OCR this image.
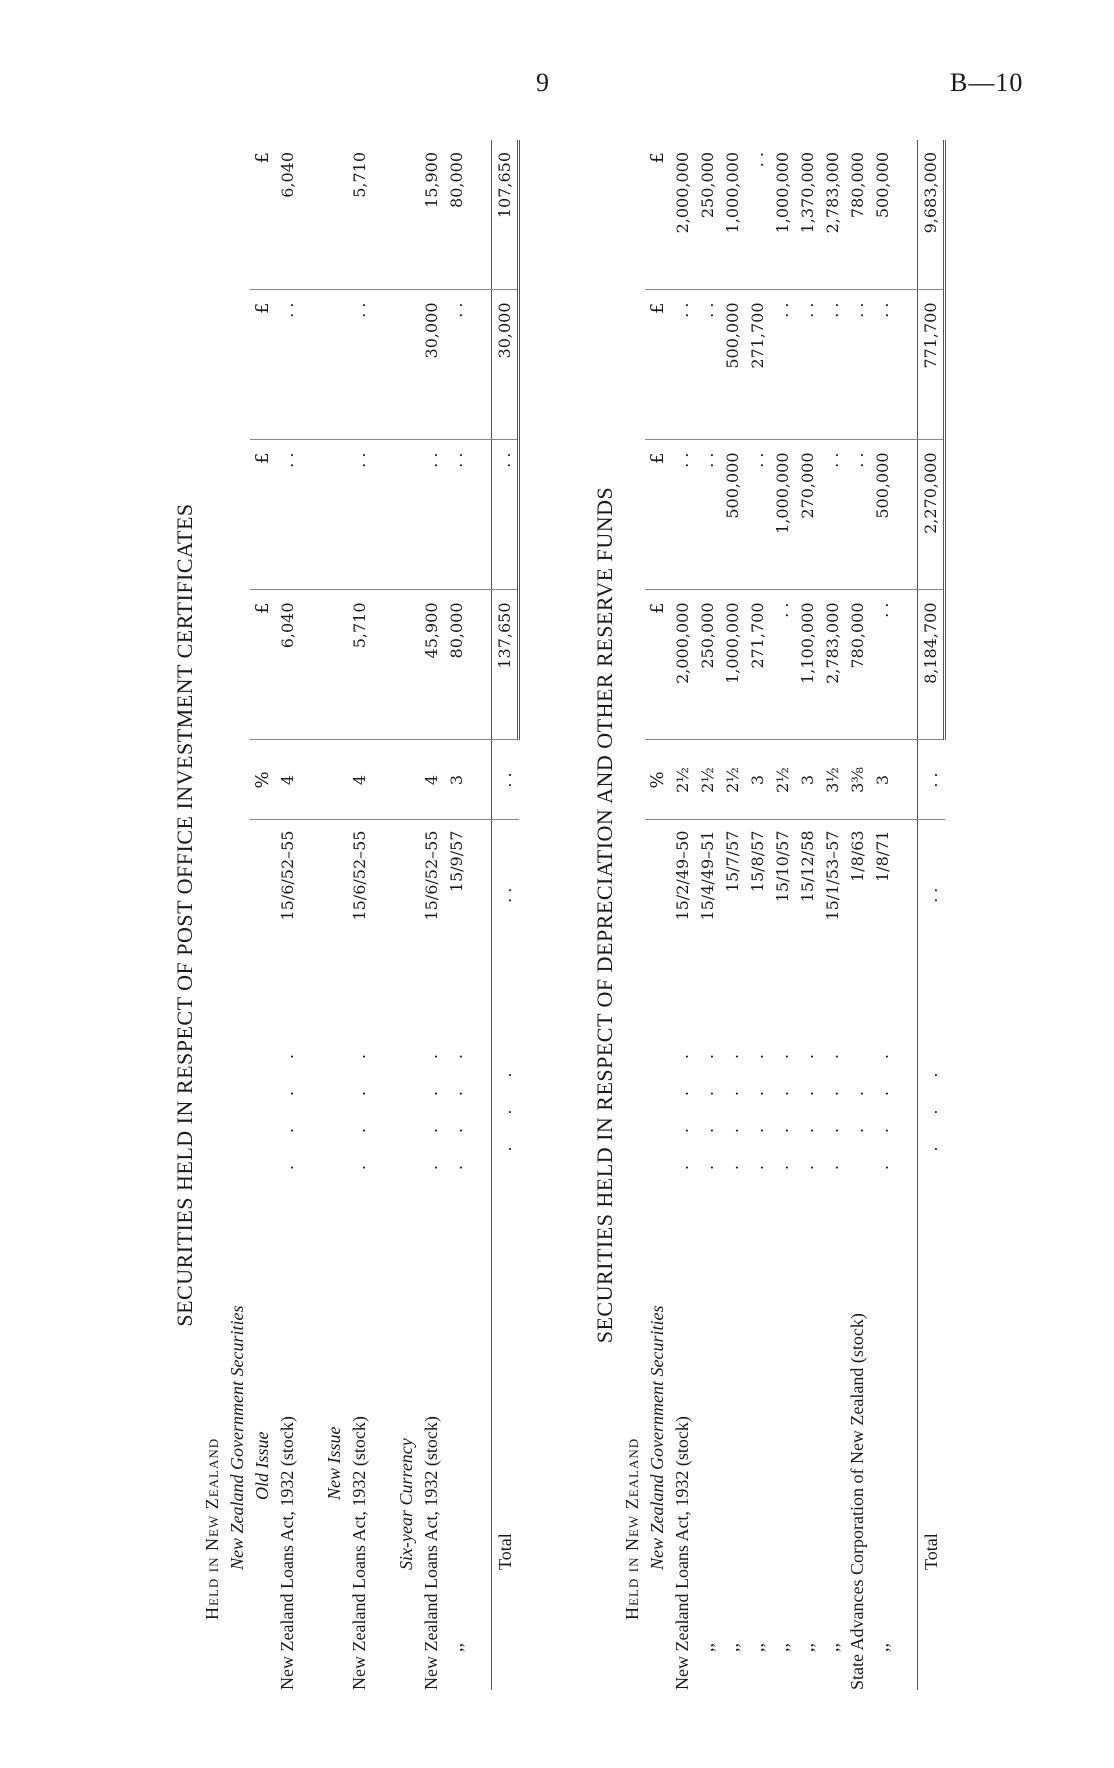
9	B—10
SECURITIES HELD IN RESPECT OF POST OFFICE INVESTMENT CERTIFICATES
Held in New Zealand							
New Zealand Government Securities							
Old Issue			%	£	£	£	£
New Zealand Loans Act, 1932 (stock)	. . . .	15/6/52–55	4	6,040	. .	. .	6,040

New Issue							
New Zealand Loans Act, 1932 (stock)	. . . .	15/6/52–55	4	5,710	. .	. .	5,710

Six-year Currency							
New Zealand Loans Act, 1932 (stock)	. . . .	15/6/52–55	4	45,900	. .	30,000	15,900
,,	. . . .	15/9/57	3	80,000	. .	. .	80,000

Total	. . .	. .	. .	137,650	. .	30,000	107,650
SECURITIES HELD IN RESPECT OF DEPRECIATION AND OTHER RESERVE FUNDS
Held in New Zealand							
New Zealand Government Securities			%	£	£	£	£
New Zealand Loans Act, 1932 (stock)	. . . .	15/2/49–50	2½	2,000,000	. .	. .	2,000,000
,,	. . . .	15/4/49–51	2½	250,000	. .	. .	250,000
,,	. . . .	15/7/57	2½	1,000,000	500,000	500,000	1,000,000
,,	. . . .	15/8/57	3	271,700	. .	271,700	. .
,,	. . . .	15/10/57	2½	. .	1,000,000	. .	1,000,000
,,	. . . .	15/12/58	3	1,100,000	270,000	. .	1,370,000
,,	. . . .	15/1/53–57	3½	2,783,000	. .	. .	2,783,000
State Advances Corporation of New Zealand (stock)	. .	1/8/63	3⅜	780,000	. .	. .	780,000
,,	. . . .	1/8/71	3	. .	500,000	. .	500,000

Total	. . .	. .	. .	8,184,700	2,270,000	771,700	9,683,000
